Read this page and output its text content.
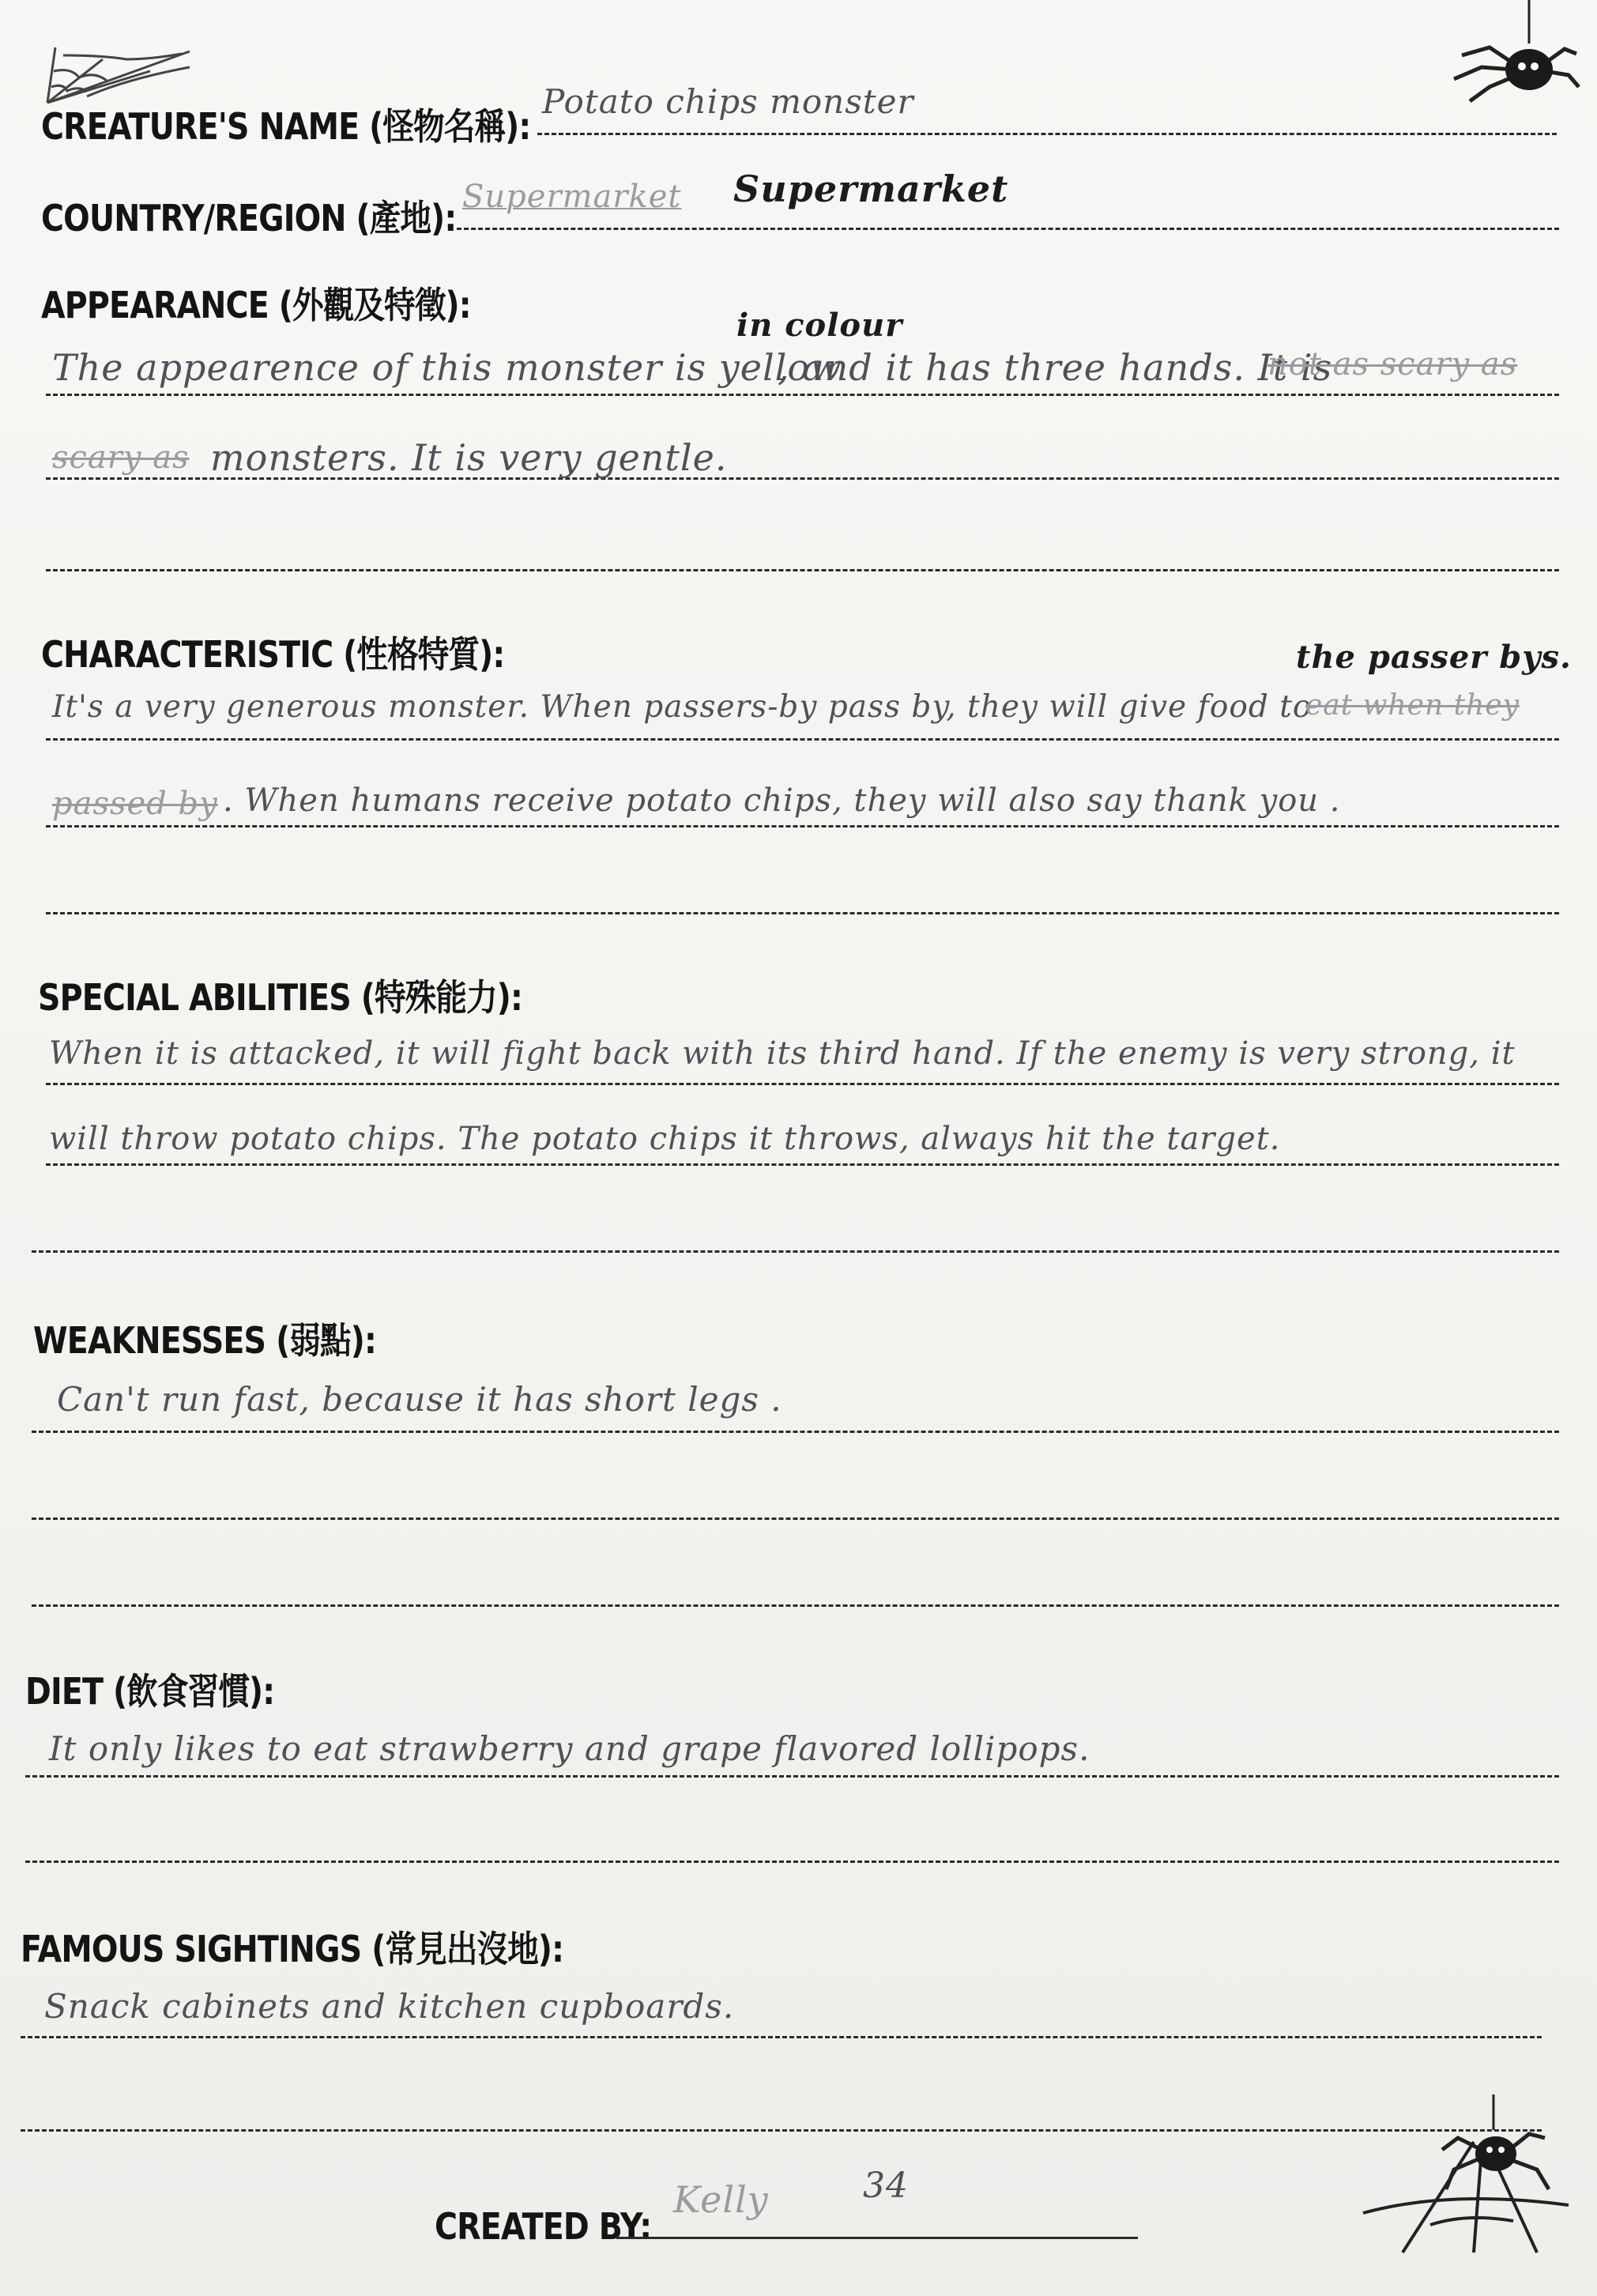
CREATURE'S NAME (怪物名稱):
Potato chips monster
COUNTRY/REGION (產地): Supermarket Supermarket
APPEARANCE (外觀及特徵):	in colour
The appearence of this monster is yellow
, and it has three hands. It is
not as scary as
scary as monsters. It is very gentle.
CHARACTERISTIC (性格特質):	the passer bys.
It's a very generous monster. When passers-by pass by, they will give food to
eat when they
passed by . When humans receive potato chips, they will also say thank you .
SPECIAL ABILITIES (特殊能力):
When it is attacked, it will fight back with its third hand. If the enemy is very strong, it
will throw potato chips. The potato chips it throws, always hit the target.
WEAKNESSES (弱點):
Can't run fast, because it has short legs .
DIET (飲食習慣):
It only likes to eat strawberry and grape flavored lollipops.
FAMOUS SIGHTINGS (常見出沒地):
Snack cabinets and kitchen cupboards.
CREATED BY:
Kelly	34
